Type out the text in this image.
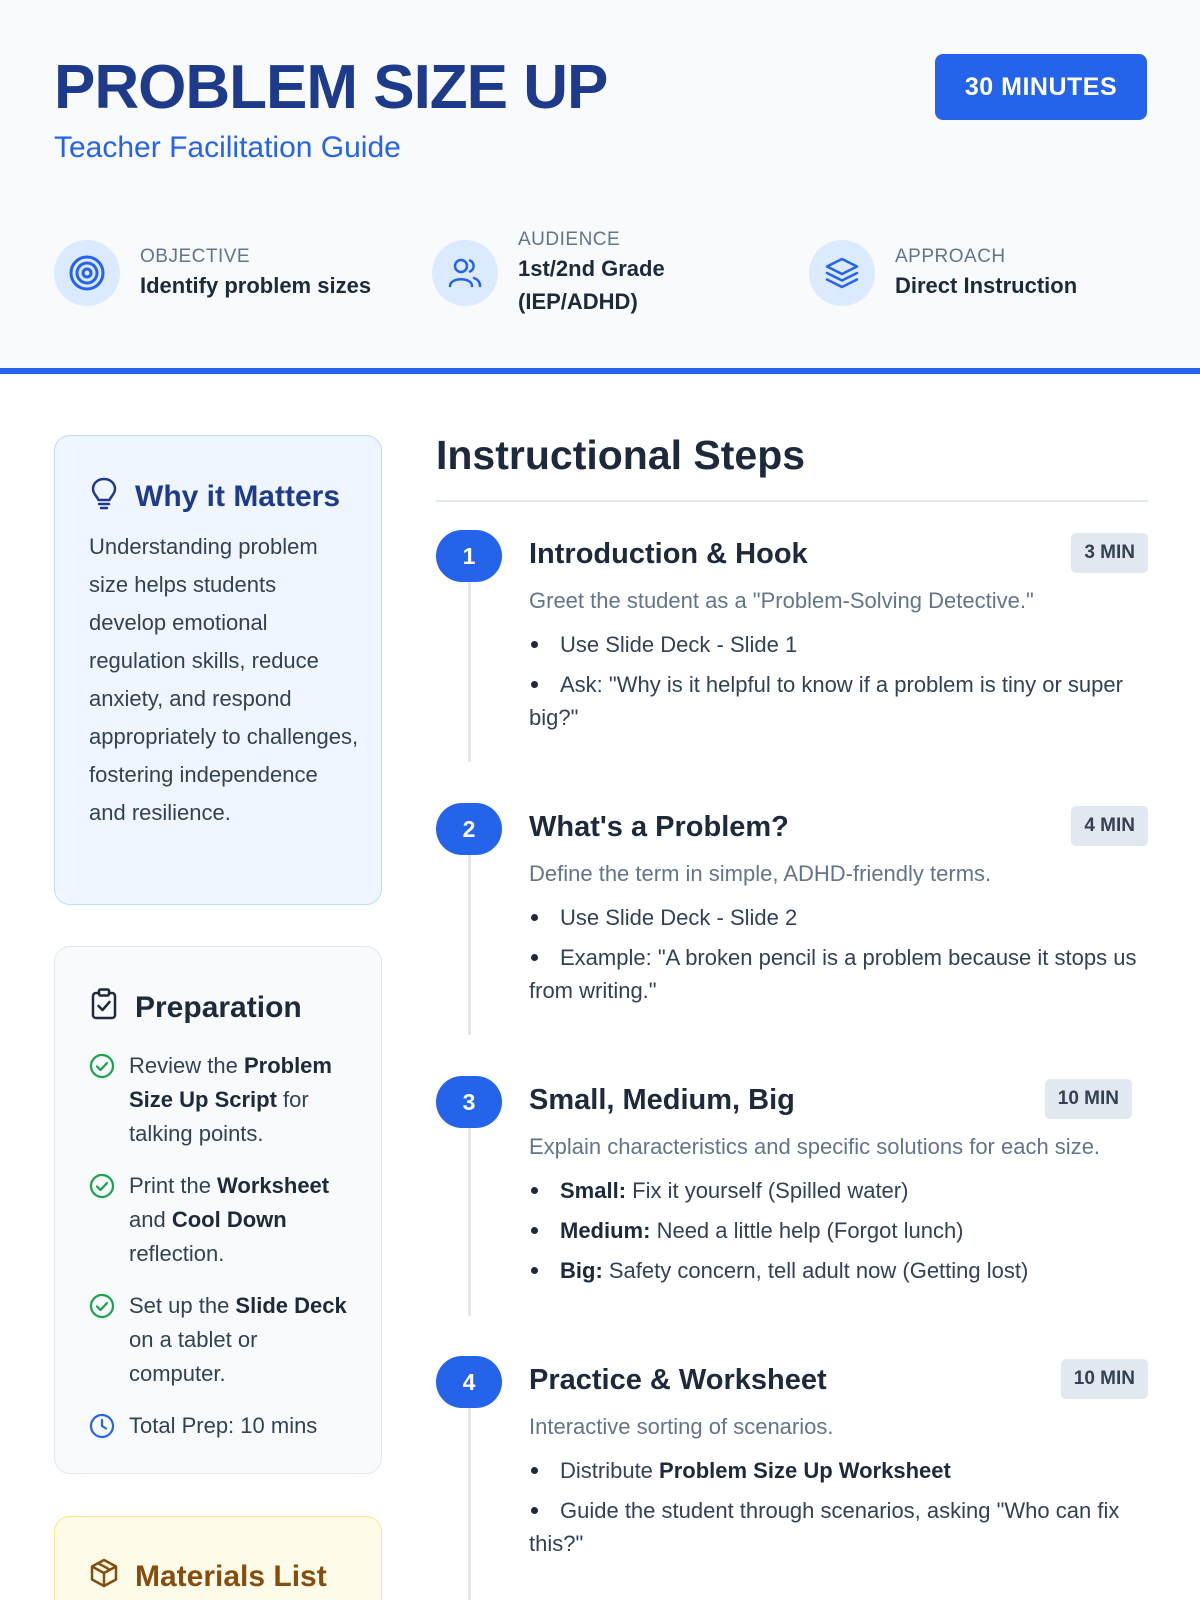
PROBLEM SIZE UP
Teacher Facilitation Guide
30 MINUTES
OBJECTIVE
Identify problem sizes
AUDIENCE
1st/2nd Grade
(IEP/ADHD)
APPROACH
Direct Instruction
Why it Matters
Understanding problem size helps students develop emotional regulation skills, reduce anxiety, and respond appropriately to challenges, fostering independence and resilience.
Preparation
Review the Problem Size Up Script for talking points.
Print the Worksheet and Cool Down reflection.
Set up the Slide Deck on a tablet or computer.
Total Prep: 10 mins
Materials List
Instructional Steps
1	Introduction & Hook	3 MIN
Greet the student as a "Problem-Solving Detective."
Use Slide Deck - Slide 1
Ask: "Why is it helpful to know if a problem is tiny or super big?"
2	What's a Problem?	4 MIN
Define the term in simple, ADHD-friendly terms.
Use Slide Deck - Slide 2
Example: "A broken pencil is a problem because it stops us from writing."
3	Small, Medium, Big	10 MIN
Explain characteristics and specific solutions for each size.
Small: Fix it yourself (Spilled water)
Medium: Need a little help (Forgot lunch)
Big: Safety concern, tell adult now (Getting lost)
4	Practice & Worksheet	10 MIN
Interactive sorting of scenarios.
Distribute Problem Size Up Worksheet
Guide the student through scenarios, asking "Who can fix this?"
